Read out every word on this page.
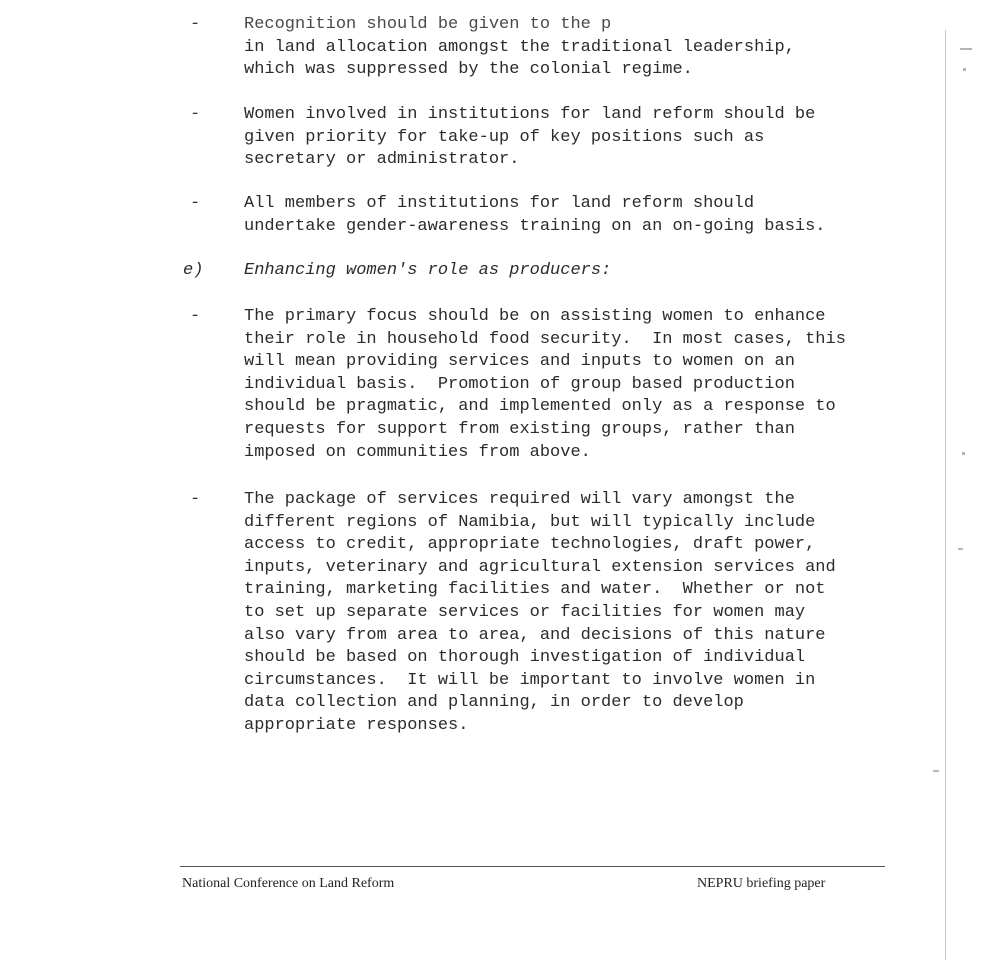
-	Recognition should be given to the p
in land allocation amongst the traditional leadership,
which was suppressed by the colonial regime.

-	Women involved in institutions for land reform should be
given priority for take-up of key positions such as
secretary or administrator.

-	All members of institutions for land reform should
undertake gender-awareness training on an on-going basis.

e) Enhancing women's role as producers:
-	The primary focus should be on assisting women to enhance
their role in household food security.  In most cases, this
will mean providing services and inputs to women on an
individual basis.  Promotion of group based production
should be pragmatic, and implemented only as a response to
requests for support from existing groups, rather than
imposed on communities from above.

-	The package of services required will vary amongst the
different regions of Namibia, but will typically include
access to credit, appropriate technologies, draft power,
inputs, veterinary and agricultural extension services and
training, marketing facilities and water.  Whether or not
to set up separate services or facilities for women may
also vary from area to area, and decisions of this nature
should be based on thorough investigation of individual
circumstances.  It will be important to involve women in
data collection and planning, in order to develop
appropriate responses.

National Conference on Land Reform	NEPRU briefing paper
